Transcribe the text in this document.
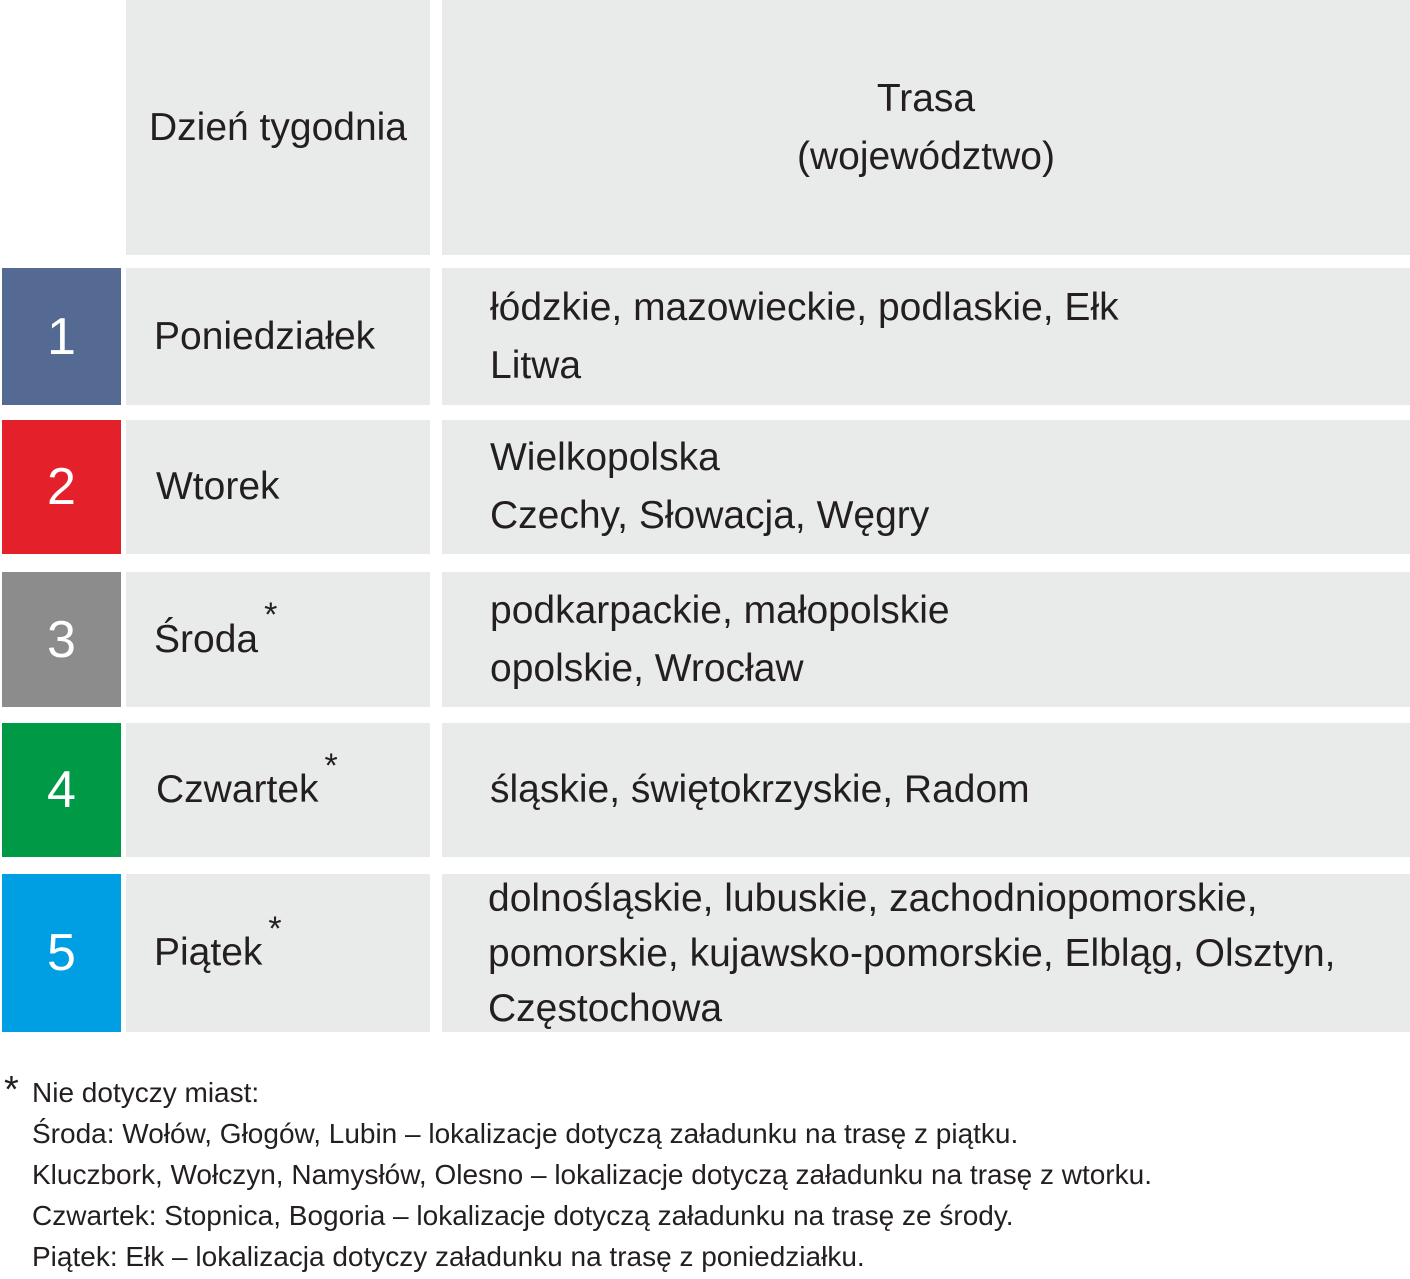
Dzień tygodnia
Trasa
(województwo)
1 Poniedziałek
łódzkie, mazowieckie, podlaskie, Ełk
Litwa
2 Wtorek
Wielkopolska
Czechy, Słowacja, Węgry
3 Środa
*	podkarpackie, małopolskie
opolskie, Wrocław
4 Czwartek
*
śląskie, świętokrzyskie, Radom
5 Piątek
*
dolnośląskie, lubuskie, zachodniopomorskie,
pomorskie, kujawsko-pomorskie, Elbląg, Olsztyn,
Częstochowa
* Nie dotyczy miast:
Środa: Wołów, Głogów, Lubin – lokalizacje dotyczą załadunku na trasę z piątku.
Kluczbork, Wołczyn, Namysłów, Olesno – lokalizacje dotyczą załadunku na trasę z wtorku.
Czwartek: Stopnica, Bogoria – lokalizacje dotyczą załadunku na trasę ze środy.
Piątek: Ełk – lokalizacja dotyczy załadunku na trasę z poniedziałku.
